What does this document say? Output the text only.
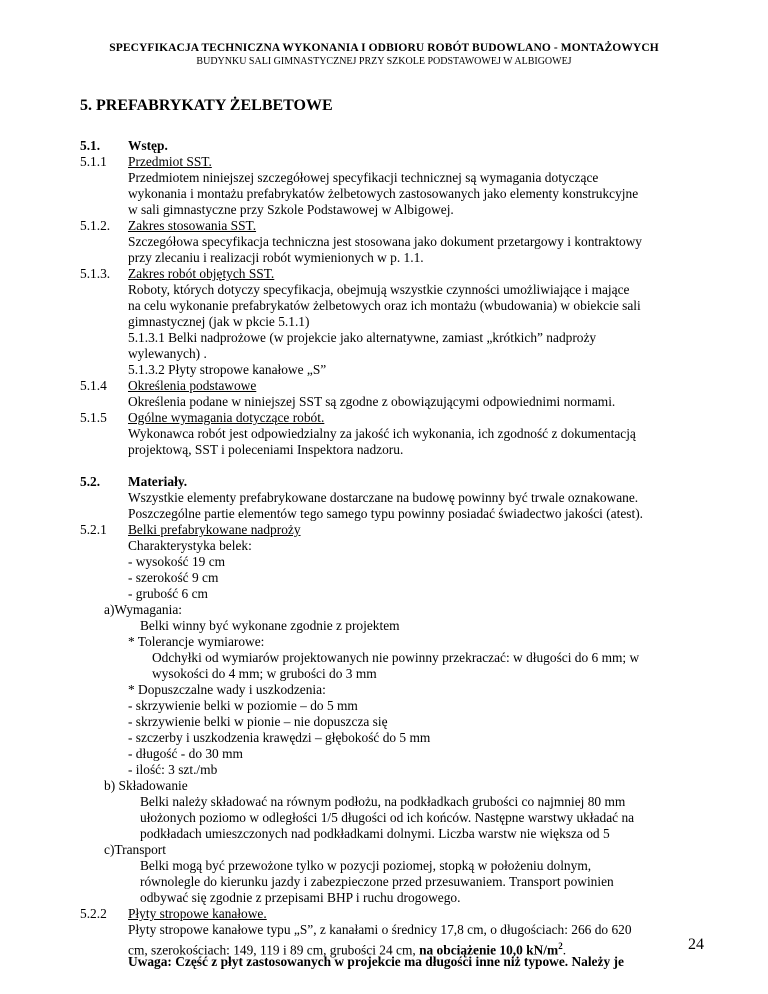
SPECYFIKACJA TECHNICZNA WYKONANIA I ODBIORU ROBÓT BUDOWLANO - MONTAŻOWYCH
BUDYNKU SALI GIMNASTYCZNEJ PRZY SZKOLE PODSTAWOWEJ W ALBIGOWEJ
5. PREFABRYKATY ŻELBETOWE
5.1. Wstęp.
5.1.1 Przedmiot SST.
Przedmiotem niniejszej szczegółowej specyfikacji technicznej są wymagania dotyczące
wykonania i montażu prefabrykatów żelbetowych zastosowanych jako elementy konstrukcyjne
w sali gimnastyczne przy Szkole Podstawowej w Albigowej.
5.1.2. Zakres stosowania SST.
Szczegółowa specyfikacja techniczna jest stosowana jako dokument przetargowy i kontraktowy
przy zlecaniu i realizacji robót wymienionych w p. 1.1.
5.1.3. Zakres robót objętych SST.
Roboty, których dotyczy specyfikacja, obejmują wszystkie czynności umożliwiające i mające
na celu wykonanie prefabrykatów żelbetowych oraz ich montażu (wbudowania) w obiekcie sali
gimnastycznej (jak w pkcie 5.1.1)
5.1.3.1 Belki nadprożowe (w projekcie jako alternatywne, zamiast „krótkich” nadproży
wylewanych) .
5.1.3.2 Płyty stropowe kanałowe „S”
5.1.4 Określenia podstawowe
Określenia podane w niniejszej SST są zgodne z obowiązującymi odpowiednimi normami.
5.1.5 Ogólne wymagania dotyczące robót.
Wykonawca robót jest odpowiedzialny za jakość ich wykonania, ich zgodność z dokumentacją
projektową, SST i poleceniami Inspektora nadzoru.
5.2. Materiały.
Wszystkie elementy prefabrykowane dostarczane na budowę powinny być trwale oznakowane.
Poszczególne partie elementów tego samego typu powinny posiadać świadectwo jakości (atest).
5.2.1 Belki prefabrykowane nadproży
Charakterystyka belek:
- wysokość 19 cm
- szerokość 9 cm
- grubość 6 cm
a)Wymagania:
Belki winny być wykonane zgodnie z projektem
* Tolerancje wymiarowe:
Odchyłki od wymiarów projektowanych nie powinny przekraczać: w długości do 6 mm; w
wysokości do 4 mm; w grubości do 3 mm
* Dopuszczalne wady i uszkodzenia:
- skrzywienie belki w poziomie – do 5 mm
- skrzywienie belki w pionie – nie dopuszcza się
- szczerby i uszkodzenia krawędzi – głębokość do 5 mm
- długość - do 30 mm
- ilość: 3 szt./mb
b) Składowanie
Belki należy składować na równym podłożu, na podkładkach grubości co najmniej 80 mm
ułożonych poziomo w odległości 1/5 długości od ich końców. Następne warstwy układać na
podkładach umieszczonych nad podkładkami dolnymi. Liczba warstw nie większa od 5
c)Transport
Belki mogą być przewożone tylko w pozycji poziomej, stopką w położeniu dolnym,
równolegle do kierunku jazdy i zabezpieczone przed przesuwaniem. Transport powinien
odbywać się zgodnie z przepisami BHP i ruchu drogowego.
5.2.2 Płyty stropowe kanałowe.
Płyty stropowe kanałowe typu „S”, z kanałami o średnicy 17,8 cm, o długościach: 266 do 620
cm, szerokościach: 149, 119 i 89 cm, grubości 24 cm, na obciążenie 10,0 $kN/m^2$.
Uwaga: Część z płyt zastosowanych w projekcie ma długości inne niż typowe. Należy je
24
